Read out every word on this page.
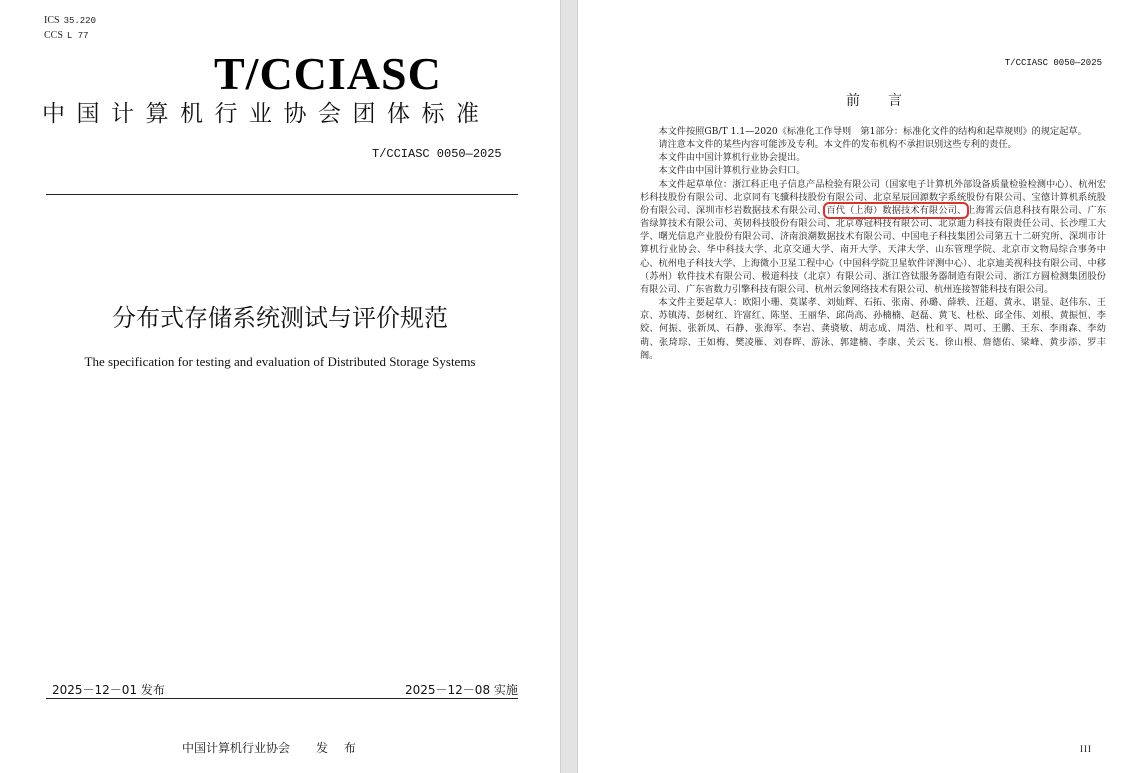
ICS 35.220
CCS L 77
T/CCIASC
中国计算机行业协会团体标准
T/CCIASC 0050—2025
分布式存储系统测试与评价规范
The specification for testing and evaluation of Distributed Storage Systems
2025－12－01 发布	2025－12－08 实施
中国计算机行业协会 发 布
T/CCIASC 0050—2025
前言

本文件按照GB/T 1.1—2020《标准化工作导则　第1部分：标准化文件的结构和起草规则》的规定起草。

请注意本文件的某些内容可能涉及专利。本文件的发布机构不承担识别这些专利的责任。

本文件由中国计算机行业协会提出。

本文件由中国计算机行业协会归口。

本文件起草单位：浙江科正电子信息产品检验有限公司（国家电子计算机外部设备质量检验检测中心）、杭州宏杉科技股份有限公司、北京同有飞骥科技股份有限公司、北京星辰回源数字系统股份有限公司、宝德计算机系统股份有限公司、深圳市杉岩数据技术有限公司、百代（上海）数据技术有限公司、上海霄云信息科技有限公司、广东省绿算技术有限公司、英韧科技股份有限公司、北京尊冠科技有限公司、北京迪力科技有限责任公司、长沙理工大学、曙光信息产业股份有限公司、济南浪潮数据技术有限公司、中国电子科技集团公司第五十二研究所、深圳市计算机行业协会、华中科技大学、北京交通大学、南开大学、天津大学、山东管理学院、北京市文物局综合事务中心、杭州电子科技大学、上海微小卫星工程中心（中国科学院卫星软件评测中心）、北京迪美视科技有限公司、中移（苏州）软件技术有限公司、极道科技（北京）有限公司、浙江咨钛服务器制造有限公司、浙江方圆检测集团股份有限公司、广东省数力引擎科技有限公司、杭州云象网络技术有限公司、杭州连接智能科技有限公司。

本文件主要起草人：欧阳小珊、莫谋孝、刘灿辉、石拓、张南、孙璐、薛轶、汪超、黄永、谌显、赵伟东、王京、苏镇涛、彭树红、许富红、陈坚、王丽华、邱尚高、孙楠楠、赵磊、黄飞、杜松、邱全伟、刘根、黄振恒、李姣、何振、张新凤、石静、张海军、李岩、龚骁敏、胡志成、周浩、杜和平、周可、王鹏、王东、李雨森、李幼萌、张琦琮、王如梅、樊凌雁、刘春晖、游泳、郭建楠、李康、关云飞、徐山根、詹德佑、梁峰、黄步添、罗丰阁。

III
